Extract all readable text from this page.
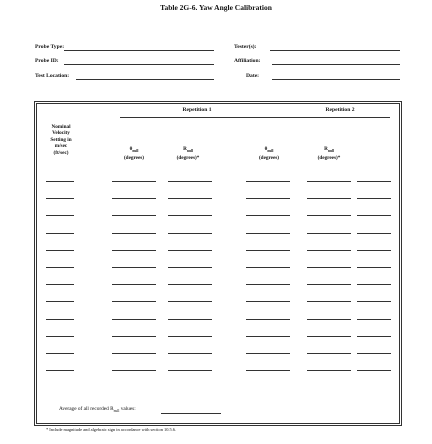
Table 2G-6. Yaw Angle Calibration
Probe Type:
Probe ID:
Test Location:
Tester(s):
Affiliation:
Date:
Repetition 1	Repetition 2
Nominal
Velocity
Setting in
m/sec
(ft/sec)
$\theta_{null}$
(degrees)
$R_{null}$
(degrees)*
$\theta_{null}$
(degrees)
$R_{null}$
(degrees)*
Average of all recorded $R_{null}$ values:
* Include magnitude and algebraic sign in accordance with section 10.5.6.
